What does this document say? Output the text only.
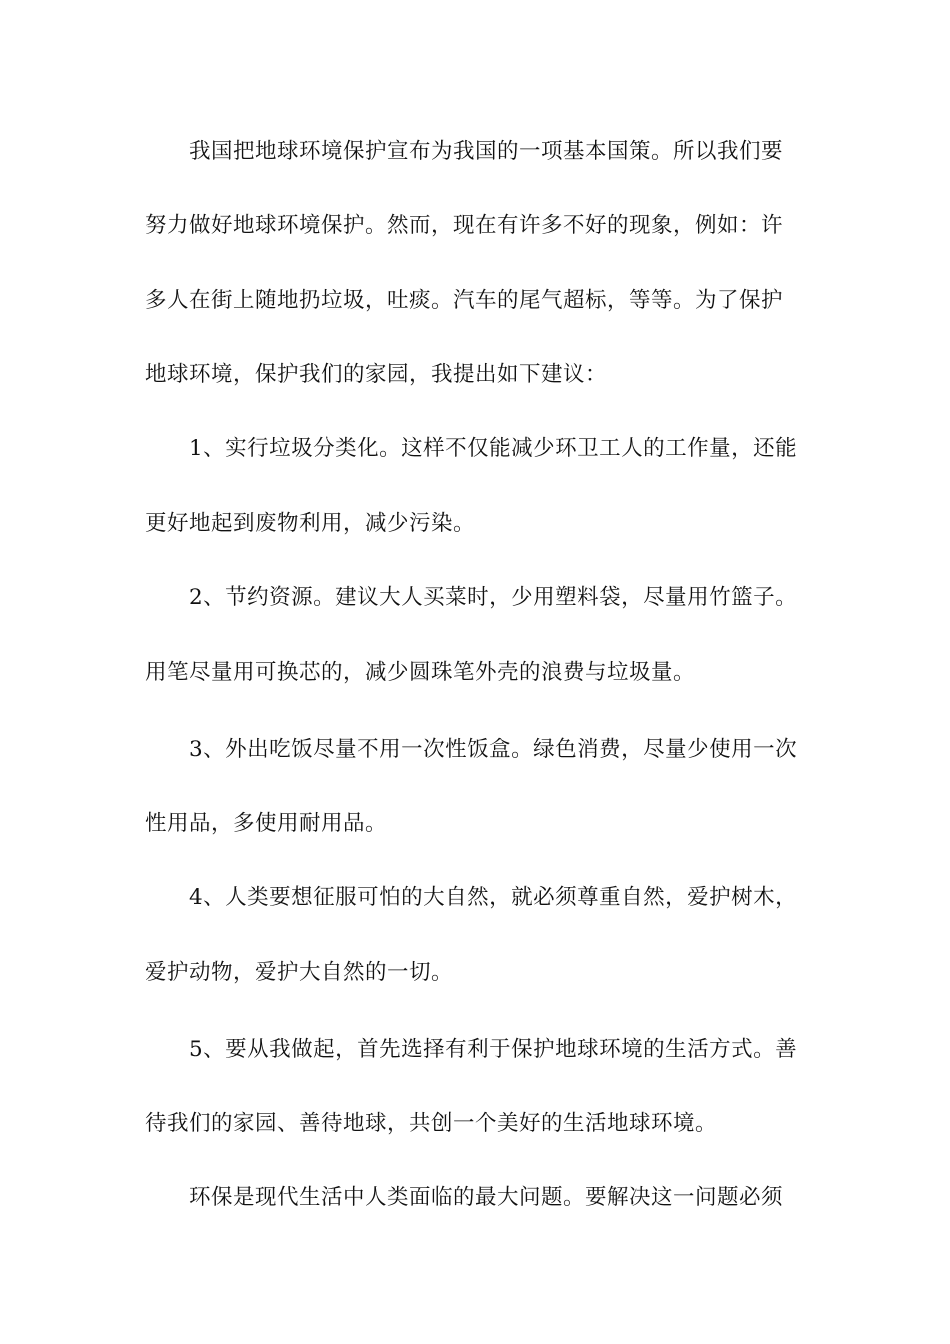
我国把地球环境保护宣布为我国的一项基本国策。所以我们要
努力做好地球环境保护。然而，现在有许多不好的现象，例如：许
多人在街上随地扔垃圾，吐痰。汽车的尾气超标，等等。为了保护
地球环境，保护我们的家园，我提出如下建议：
1、实行垃圾分类化。这样不仅能减少环卫工人的工作量，还能
更好地起到废物利用，减少污染。
2、节约资源。建议大人买菜时，少用塑料袋，尽量用竹篮子。
用笔尽量用可换芯的，减少圆珠笔外壳的浪费与垃圾量。
3、外出吃饭尽量不用一次性饭盒。绿色消费，尽量少使用一次
性用品，多使用耐用品。
4、人类要想征服可怕的大自然，就必须尊重自然，爱护树木，
爱护动物，爱护大自然的一切。
5、要从我做起，首先选择有利于保护地球环境的生活方式。善
待我们的家园、善待地球，共创一个美好的生活地球环境。
环保是现代生活中人类面临的最大问题。要解决这一问题必须
